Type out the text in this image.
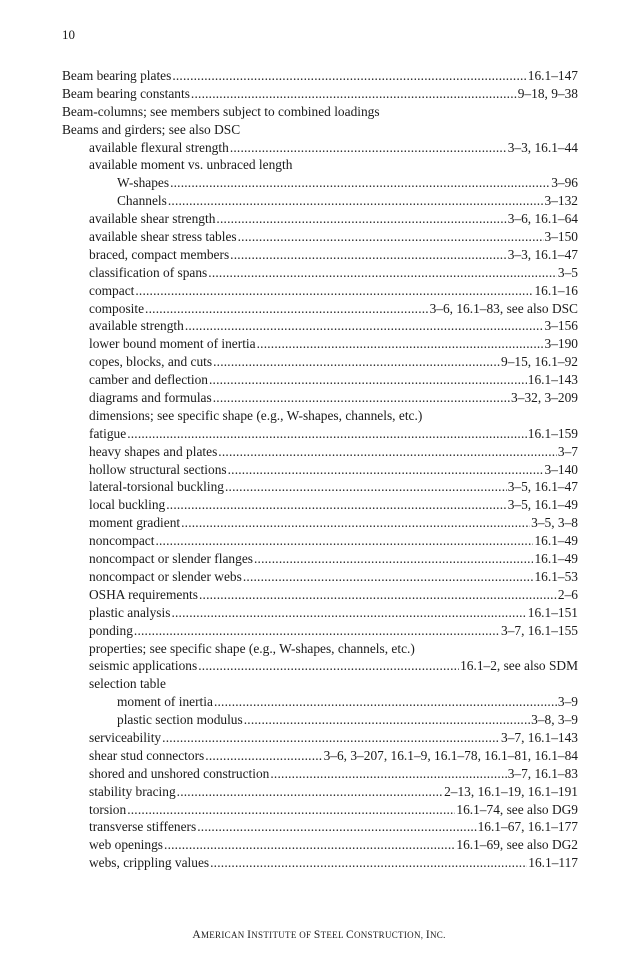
10
Beam bearing plates .....	16.1–147
Beam bearing constants .....	9–18, 9–38
Beam-columns; see members subject to combined loadings
Beams and girders; see also DSC
available flexural strength .....	3–3, 16.1–44
available moment vs. unbraced length
W-shapes .....	3–96
Channels .....	3–132
available shear strength .....	3–6, 16.1–64
available shear stress tables .....	3–150
braced, compact members .....	3–3, 16.1–47
classification of spans .....	3–5
compact .....	16.1–16
composite .....	3–6, 16.1–83, see also DSC
available strength .....	3–156
lower bound moment of inertia .....	3–190
copes, blocks, and cuts .....	9–15, 16.1–92
camber and deflection .....	16.1–143
diagrams and formulas .....	3–32, 3–209
dimensions; see specific shape (e.g., W-shapes, channels, etc.)
fatigue .....	16.1–159
heavy shapes and plates .....	3–7
hollow structural sections .....	3–140
lateral-torsional buckling .....	3–5, 16.1–47
local buckling .....	3–5, 16.1–49
moment gradient .....	3–5, 3–8
noncompact .....	16.1–49
noncompact or slender flanges .....	16.1–49
noncompact or slender webs .....	16.1–53
OSHA requirements .....	2–6
plastic analysis .....	16.1–151
ponding .....	3–7, 16.1–155
properties; see specific shape (e.g., W-shapes, channels, etc.)
seismic applications .....	16.1–2, see also SDM
selection table
moment of inertia .....	3–9
plastic section modulus .....	3–8, 3–9
serviceability .....	3–7, 16.1–143
shear stud connectors .....	3–6, 3–207, 16.1–9, 16.1–78, 16.1–81, 16.1–84
shored and unshored construction .....	3–7, 16.1–83
stability bracing .....	2–13, 16.1–19, 16.1–191
torsion .....	16.1–74, see also DG9
transverse stiffeners .....	16.1–67, 16.1–177
web openings .....	16.1–69, see also DG2
webs, crippling values .....	16.1–117
AMERICAN INSTITUTE OF STEEL CONSTRUCTION, INC.
